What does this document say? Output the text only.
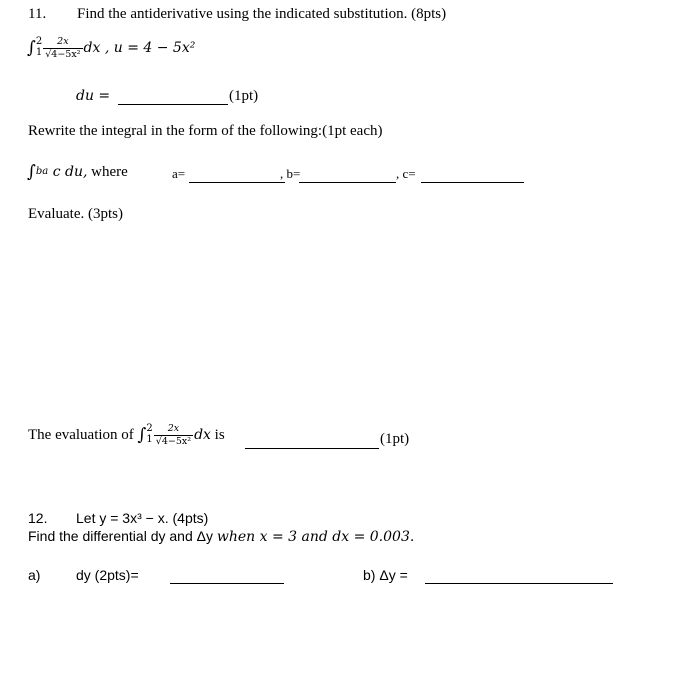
11. Find the antiderivative using the indicated substitution. (8pts)
∫ 2
$1 \frac{2x}{\text{√4−5x²}}$ dx , u = 4 − 5x²
du =	(1pt)
Rewrite the integral in the form of the following:(1pt each)
∫ba c du, where	a=	, b=	, c=
Evaluate. (3pts)
The evaluation of ∫ 2
$1 \frac{2x}{\text{√4−5x²}}$ dx is	(1pt)
12. Let y = 3x³ − x. (4pts)
Find the differential dy and Δy when x = 3 and dx = 0.003.
a)	dy (2pts)=	b) Δy =
